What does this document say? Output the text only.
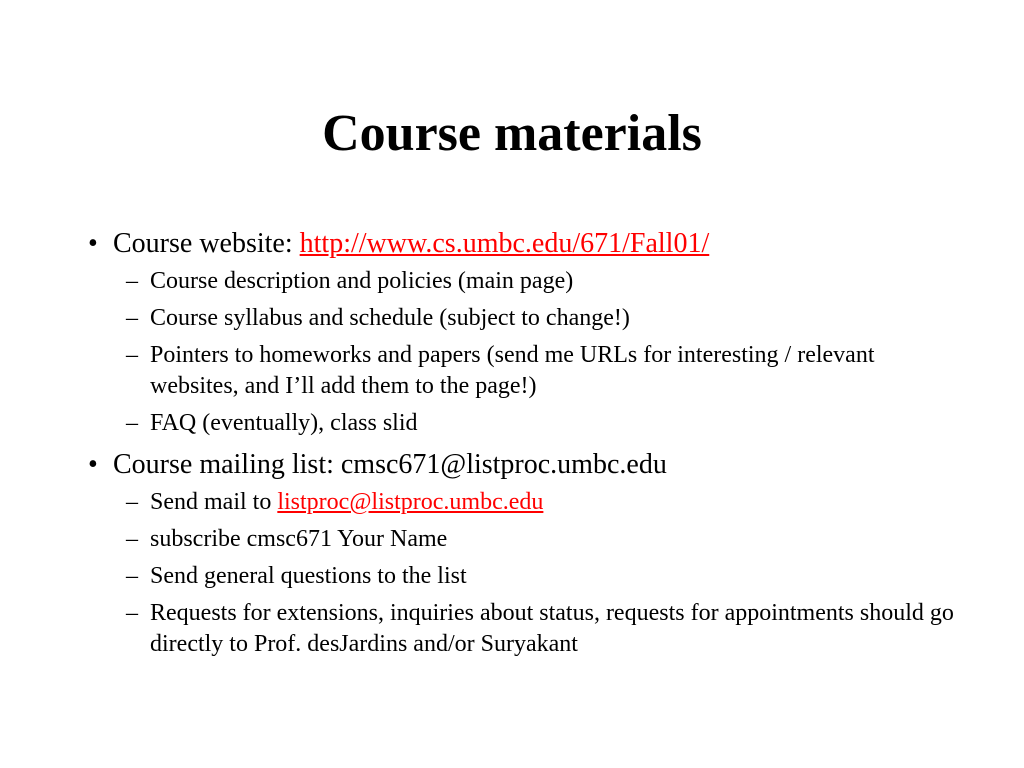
Course materials
• Course website: http://www.cs.umbc.edu/671/Fall01/
– Course description and policies (main page)
– Course syllabus and schedule (subject to change!)
– Pointers to homeworks and papers (send me URLs for interesting / relevant websites, and I’ll add them to the page!)
– FAQ (eventually), class slid
• Course mailing list: cmsc671@listproc.umbc.edu
– Send mail to listproc@listproc.umbc.edu
– subscribe cmsc671 Your Name
– Send general questions to the list
– Requests for extensions, inquiries about status, requests for appointments should go directly to Prof. desJardins and/or Suryakant
